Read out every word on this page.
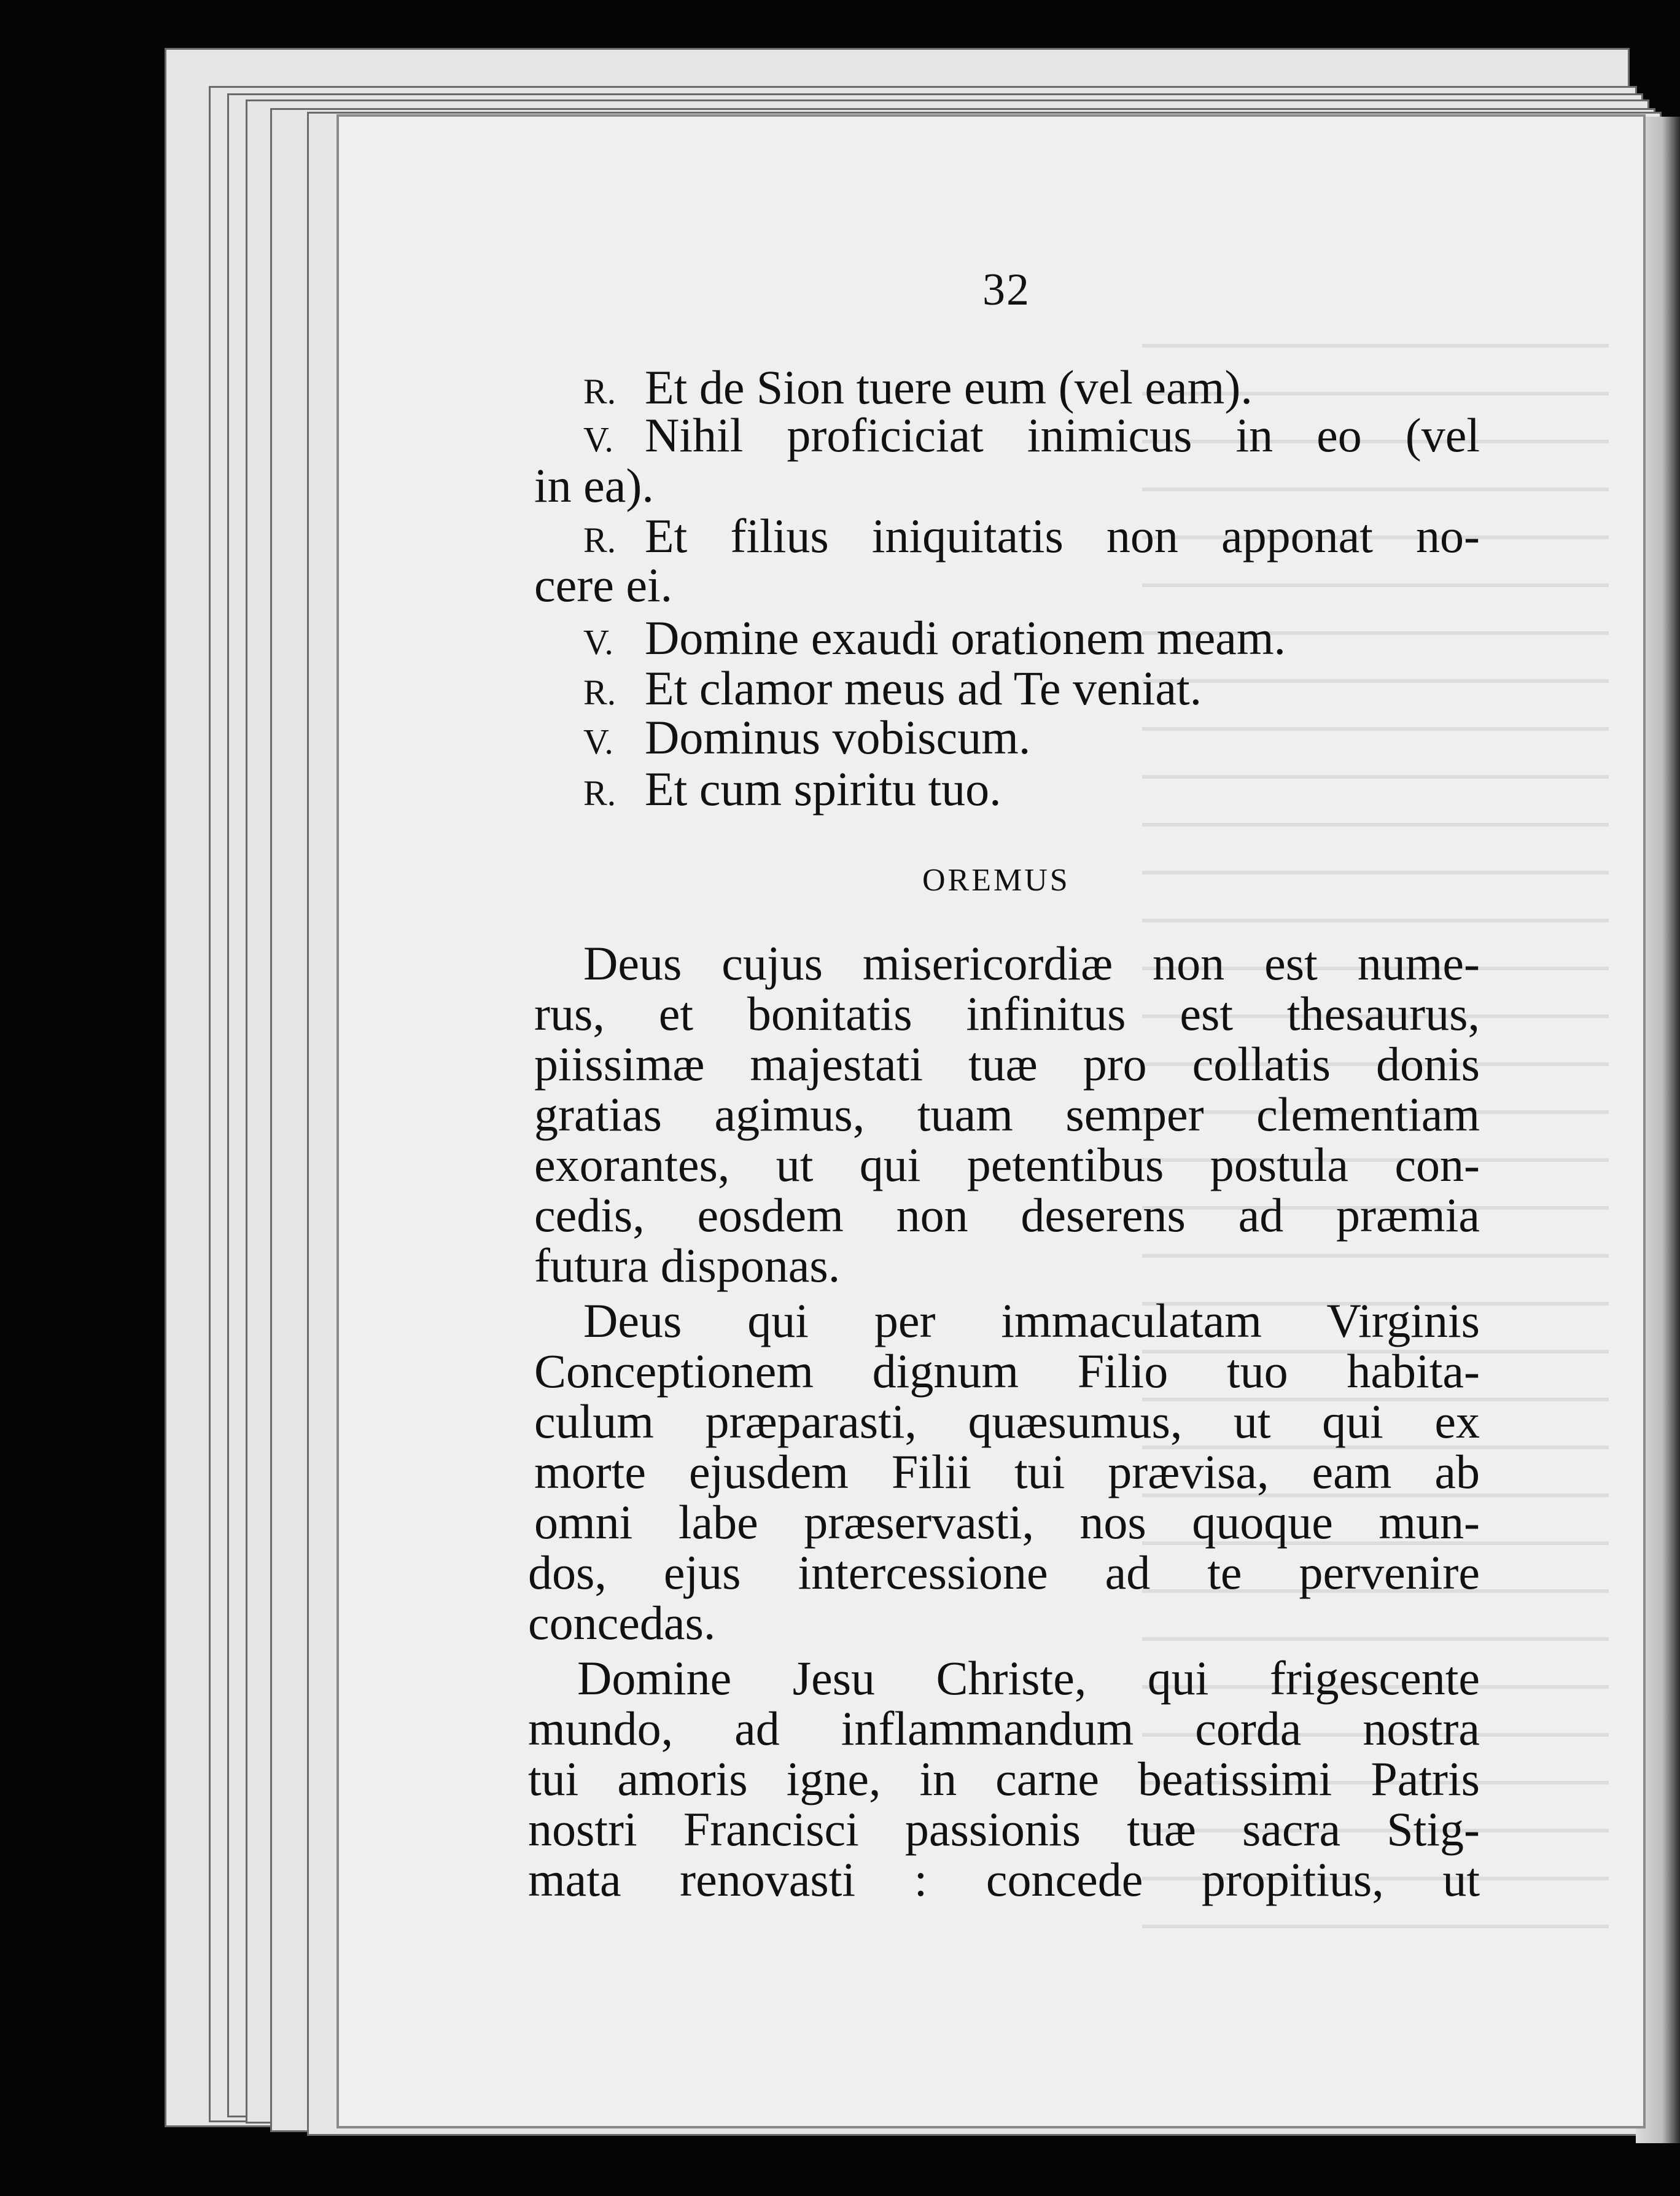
32
R. Et de Sion tuere eum (vel eam).
V. Nihil proficiciat inimicus in eo (vel
in ea).
R. Et filius iniquitatis non apponat no-
cere ei.
V. Domine exaudi orationem meam.
R. Et clamor meus ad Te veniat.
V. Dominus vobiscum.
R. Et cum spiritu tuo.
OREMUS
Deus cujus misericordiæ non est nume-
rus, et bonitatis infinitus est thesaurus,
piissimæ majestati tuæ pro collatis donis
gratias agimus, tuam semper clementiam
exorantes, ut qui petentibus postula con-
cedis, eosdem non deserens ad præmia
futura disponas.
Deus qui per immaculatam Virginis
Conceptionem dignum Filio tuo habita-
culum præparasti, quæsumus, ut qui ex
morte ejusdem Filii tui prævisa, eam ab
omni labe præservasti, nos quoque mun-
dos, ejus intercessione ad te pervenire
concedas.
Domine Jesu Christe, qui frigescente
mundo, ad inflammandum corda nostra
tui amoris igne, in carne beatissimi Patris
nostri Francisci passionis tuæ sacra Stig-
mata renovasti : concede propitius, ut
